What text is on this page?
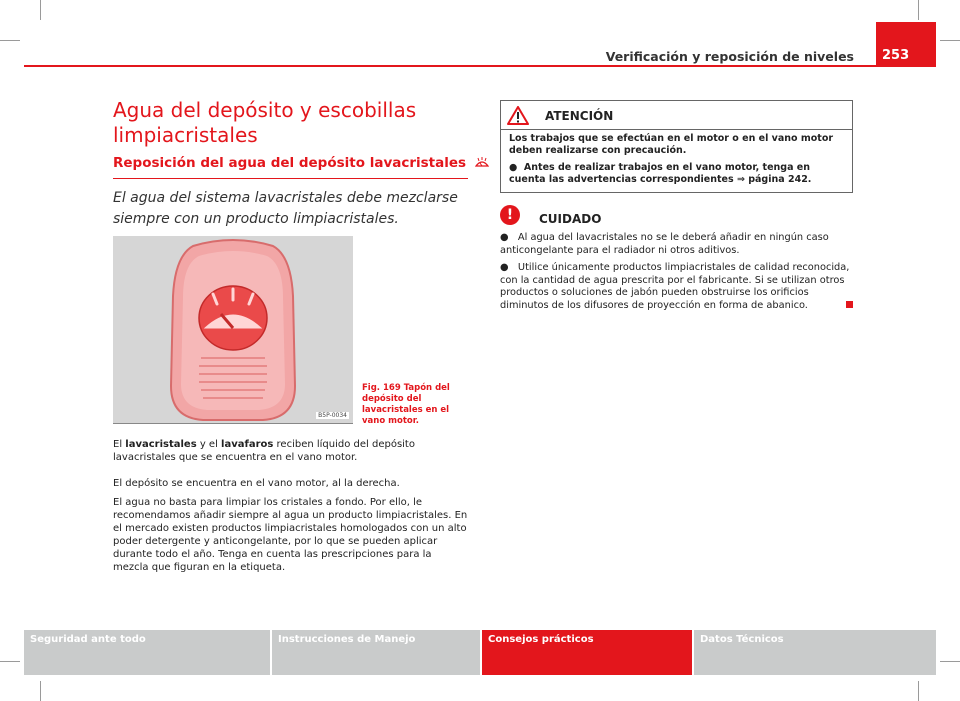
253
Verificación y reposición de niveles
Agua del depósito y escobillas limpiacristales
Reposición del agua del depósito lavacristales
El agua del sistema lavacristales debe mezclarse siempre con un producto limpiacristales.
B5P-0034
Fig. 169 Tapón del depósito del lavacristales en el vano motor.
El lavacristales y el lavafaros reciben líquido del depósito lavacristales que se encuentra en el vano motor.
El depósito se encuentra en el vano motor, al la derecha.
El agua no basta para limpiar los cristales a fondo. Por ello, le recomendamos añadir siempre al agua un producto limpiacristales. En el mercado existen productos limpiacristales homologados con un alto poder detergente y anticongelante, por lo que se pueden aplicar durante todo el año. Tenga en cuenta las prescripciones para la mezcla que figuran en la etiqueta.
ATENCIÓN

Los trabajos que se efectúan en el motor o en el vano motor deben realizarse con precaución.

● Antes de realizar trabajos en el vano motor, tenga en cuenta las advertencias correspondientes ⇒ página 242.

!	CUIDADO

● Al agua del lavacristales no se le deberá añadir en ningún caso anticongelante para el radiador ni otros aditivos.

● Utilice únicamente productos limpiacristales de calidad reconocida, con la cantidad de agua prescrita por el fabricante. Si se utilizan otros productos o soluciones de jabón pueden obstruirse los orificios diminutos de los difusores de proyección en forma de abanico.

Seguridad ante todo	Instrucciones de Manejo	Consejos prácticos	Datos Técnicos
